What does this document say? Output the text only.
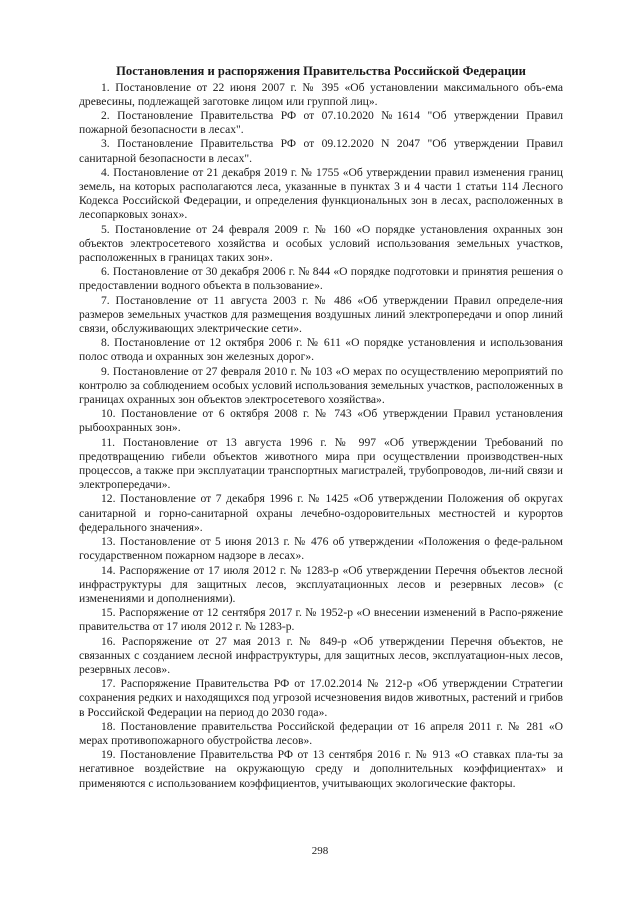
Постановления и распоряжения Правительства Российской Федерации

1. Постановление от 22 июня 2007 г. № 395 «Об установлении максимального объ-ема древесины, подлежащей заготовке лицом или группой лиц».

2. Постановление Правительства РФ от 07.10.2020 №1614 "Об утверждении Правил пожарной безопасности в лесах".

3. Постановление Правительства РФ от 09.12.2020 N 2047 "Об утверждении Правил санитарной безопасности в лесах".

4. Постановление от 21 декабря 2019 г. № 1755 «Об утверждении правил изменения границ земель, на которых располагаются леса, указанные в пунктах 3 и 4 части 1 статьи 114 Лесного Кодекса Российской Федерации, и определения функциональных зон в лесах, расположенных в лесопарковых зонах».

5. Постановление от 24 февраля 2009 г. № 160 «О порядке установления охранных зон объектов электросетевого хозяйства и особых условий использования земельных участков, расположенных в границах таких зон».

6. Постановление от 30 декабря 2006 г. № 844 «О порядке подготовки и принятия решения о предоставлении водного объекта в пользование».

7. Постановление от 11 августа 2003 г. № 486 «Об утверждении Правил определе-ния размеров земельных участков для размещения воздушных линий электропередачи и опор линий связи, обслуживающих электрические сети».

8. Постановление от 12 октября 2006 г. № 611 «О порядке установления и использования полос отвода и охранных зон железных дорог».

9. Постановление от 27 февраля 2010 г. № 103 «О мерах по осуществлению мероприятий по контролю за соблюдением особых условий использования земельных участков, расположенных в границах охранных зон объектов электросетевого хозяйства».

10. Постановление от 6 октября 2008 г. № 743 «Об утверждении Правил установления рыбоохранных зон».

11. Постановление от 13 августа 1996 г. № 997 «Об утверждении Требований по предотвращению гибели объектов животного мира при осуществлении производствен-ных процессов, а также при эксплуатации транспортных магистралей, трубопроводов, ли-ний связи и электропередачи».

12. Постановление от 7 декабря 1996 г. № 1425 «Об утверждении Положения об округах санитарной и горно-санитарной охраны лечебно-оздоровительных местностей и курортов федерального значения».

13. Постановление от 5 июня 2013 г. № 476 об утверждении «Положения о феде-ральном государственном пожарном надзоре в лесах».

14. Распоряжение от 17 июля 2012 г. № 1283-р «Об утверждении Перечня объектов лесной инфраструктуры для защитных лесов, эксплуатационных лесов и резервных лесов» (с изменениями и дополнениями).

15. Распоряжение от 12 сентября 2017 г. № 1952-р «О внесении изменений в Распо-ряжение правительства от 17 июля 2012 г. № 1283-р.

16. Распоряжение от 27 мая 2013 г. № 849-р «Об утверждении Перечня объектов, не связанных с созданием лесной инфраструктуры, для защитных лесов, эксплуатацион-ных лесов, резервных лесов».

17. Распоряжение Правительства РФ от 17.02.2014 № 212-р «Об утверждении Стратегии сохранения редких и находящихся под угрозой исчезновения видов животных, растений и грибов в Российской Федерации на период до 2030 года».

18. Постановление правительства Российской федерации от 16 апреля 2011 г. № 281 «О мерах противопожарного обустройства лесов».

19. Постановление Правительства РФ от 13 сентября 2016 г. № 913 «О ставках пла-ты за негативное воздействие на окружающую среду и дополнительных коэффициентах» и применяются с использованием коэффициентов, учитывающих экологические факторы.

298
